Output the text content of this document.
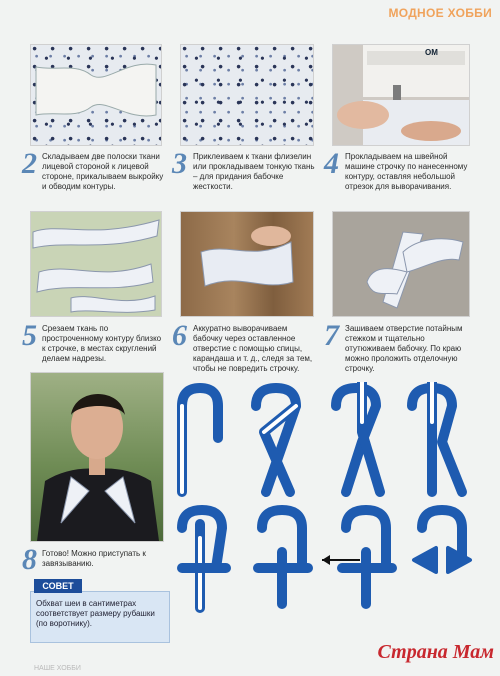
МОДНОЕ ХОББИ
OM
2 Складываем две полоски ткани лицевой стороной к лицевой стороне, прикалываем выкройку и обводим контуры.
3 Приклеиваем к ткани флизелин или прокладываем тонкую ткань – для придания бабочке жесткости.
4 Прокладываем на швейной машине строчку по нанесенному контуру, оставляя небольшой отрезок для выворачивания.
5 Срезаем ткань по простроченному контуру близко к строчке, в местах скруглений делаем надрезы.
6 Аккуратно выворачиваем бабочку через оставленное отверстие с помощью спицы, карандаша и т. д., следя за тем, чтобы не повредить строчку.
7 Зашиваем отверстие потайным стежком и тщательно отутюживаем бабочку. По краю можно проложить отделочную строчку.
8 Готово! Можно приступать к завязыванию.
СОВЕТ
Обхват шеи в сантиметрах соответствует размеру рубашки (по воротнику).
Страна Мам
НАШЕ ХОББИ
